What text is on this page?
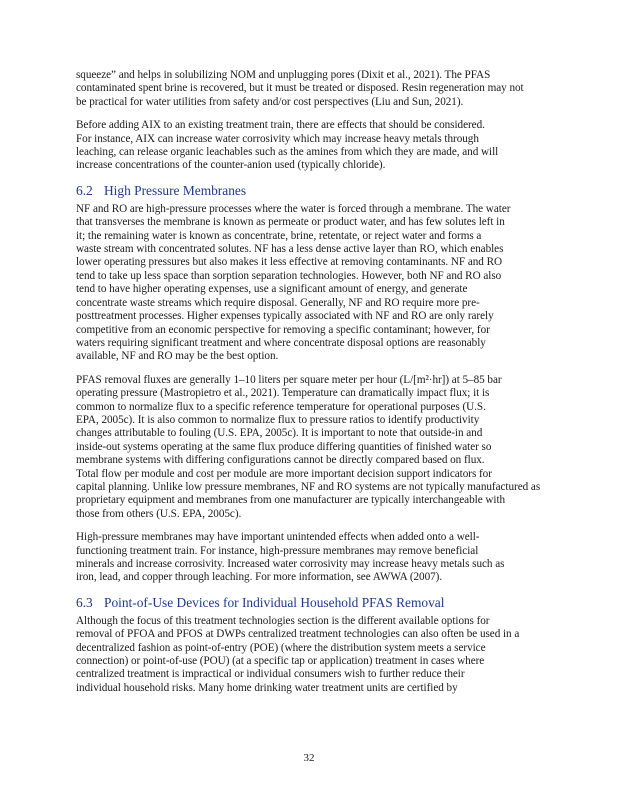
squeeze” and helps in solubilizing NOM and unplugging pores (Dixit et al., 2021). The PFAS
contaminated spent brine is recovered, but it must be treated or disposed. Resin regeneration may not
be practical for water utilities from safety and/or cost perspectives (Liu and Sun, 2021).

Before adding AIX to an existing treatment train, there are effects that should be considered.
For instance, AIX can increase water corrosivity which may increase heavy metals through
leaching, can release organic leachables such as the amines from which they are made, and will
increase concentrations of the counter-anion used (typically chloride).

6.2 High Pressure Membranes

NF and RO are high-pressure processes where the water is forced through a membrane. The water
that transverses the membrane is known as permeate or product water, and has few solutes left in
it; the remaining water is known as concentrate, brine, retentate, or reject water and forms a
waste stream with concentrated solutes. NF has a less dense active layer than RO, which enables
lower operating pressures but also makes it less effective at removing contaminants. NF and RO
tend to take up less space than sorption separation technologies. However, both NF and RO also
tend to have higher operating expenses, use a significant amount of energy, and generate
concentrate waste streams which require disposal. Generally, NF and RO require more pre-
posttreatment processes. Higher expenses typically associated with NF and RO are only rarely
competitive from an economic perspective for removing a specific contaminant; however, for
waters requiring significant treatment and where concentrate disposal options are reasonably
available, NF and RO may be the best option.

PFAS removal fluxes are generally 1–10 liters per square meter per hour (L/[m²·hr]) at 5–85 bar
operating pressure (Mastropietro et al., 2021). Temperature can dramatically impact flux; it is
common to normalize flux to a specific reference temperature for operational purposes (U.S.
EPA, 2005c). It is also common to normalize flux to pressure ratios to identify productivity
changes attributable to fouling (U.S. EPA, 2005c). It is important to note that outside-in and
inside-out systems operating at the same flux produce differing quantities of finished water so
membrane systems with differing configurations cannot be directly compared based on flux.
Total flow per module and cost per module are more important decision support indicators for
capital planning. Unlike low pressure membranes, NF and RO systems are not typically manufactured as
proprietary equipment and membranes from one manufacturer are typically interchangeable with
those from others (U.S. EPA, 2005c).

High-pressure membranes may have important unintended effects when added onto a well-
functioning treatment train. For instance, high-pressure membranes may remove beneficial
minerals and increase corrosivity. Increased water corrosivity may increase heavy metals such as
iron, lead, and copper through leaching. For more information, see AWWA (2007).

6.3 Point-of-Use Devices for Individual Household PFAS Removal

Although the focus of this treatment technologies section is the different available options for
removal of PFOA and PFOS at DWPs centralized treatment technologies can also often be used in a
decentralized fashion as point-of-entry (POE) (where the distribution system meets a service
connection) or point-of-use (POU) (at a specific tap or application) treatment in cases where
centralized treatment is impractical or individual consumers wish to further reduce their
individual household risks. Many home drinking water treatment units are certified by

32
